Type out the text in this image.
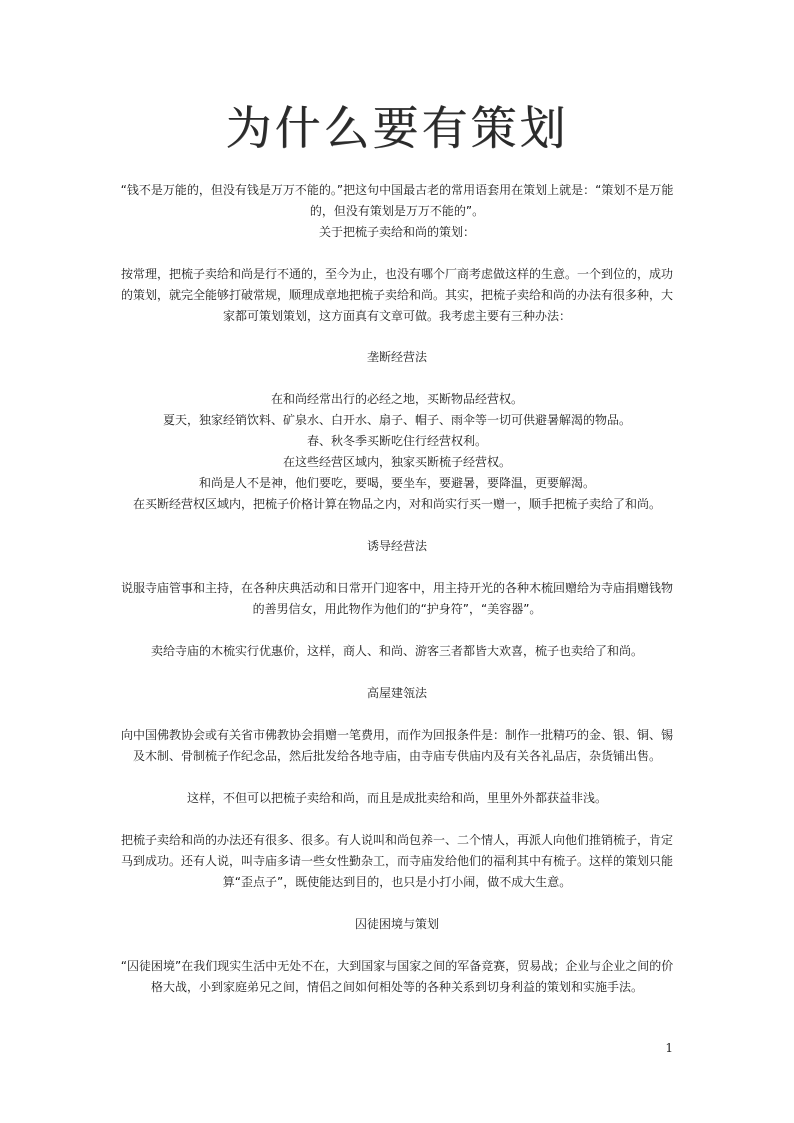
为什么要有策划

“钱不是万能的，但没有钱是万万不能的。”把这句中国最古老的常用语套用在策划上就是：“策划不是万能的，但没有策划是万万不能的”。

关于把梳子卖给和尚的策划：

按常理，把梳子卖给和尚是行不通的，至今为止，也没有哪个厂商考虑做这样的生意。一个到位的，成功的策划，就完全能够打破常规，顺理成章地把梳子卖给和尚。其实，把梳子卖给和尚的办法有很多种，大家都可策划策划，这方面真有文章可做。我考虑主要有三种办法：

垄断经营法

在和尚经常出行的必经之地，买断物品经营权。

夏天，独家经销饮料、矿泉水、白开水、扇子、帽子、雨伞等一切可供避暑解渴的物品。

春、秋冬季买断吃住行经营权利。

在这些经营区域内，独家买断梳子经营权。

和尚是人不是神，他们要吃，要喝，要坐车，要避暑，要降温，更要解渴。

在买断经营权区域内，把梳子价格计算在物品之内，对和尚实行买一赠一，顺手把梳子卖给了和尚。

诱导经营法

说服寺庙管事和主持，在各种庆典活动和日常开门迎客中，用主持开光的各种木梳回赠给为寺庙捐赠钱物的善男信女，用此物作为他们的“护身符”，“美容器”。

卖给寺庙的木梳实行优惠价，这样，商人、和尚、游客三者都皆大欢喜，梳子也卖给了和尚。

高屋建瓴法

向中国佛教协会或有关省市佛教协会捐赠一笔费用，而作为回报条件是：制作一批精巧的金、银、铜、锡及木制、骨制梳子作纪念品，然后批发给各地寺庙，由寺庙专供庙内及有关各礼品店，杂货铺出售。

这样，不但可以把梳子卖给和尚，而且是成批卖给和尚，里里外外都获益非浅。

把梳子卖给和尚的办法还有很多、很多。有人说叫和尚包养一、二个情人，再派人向他们推销梳子，肯定马到成功。还有人说，叫寺庙多请一些女性勤杂工，而寺庙发给他们的福利其中有梳子。这样的策划只能算“歪点子”，既使能达到目的，也只是小打小闹，做不成大生意。

囚徒困境与策划

“囚徒困境”在我们现实生活中无处不在，大到国家与国家之间的军备竞赛，贸易战；企业与企业之间的价格大战，小到家庭弟兄之间，情侣之间如何相处等的各种关系到切身利益的策划和实施手法。

1
